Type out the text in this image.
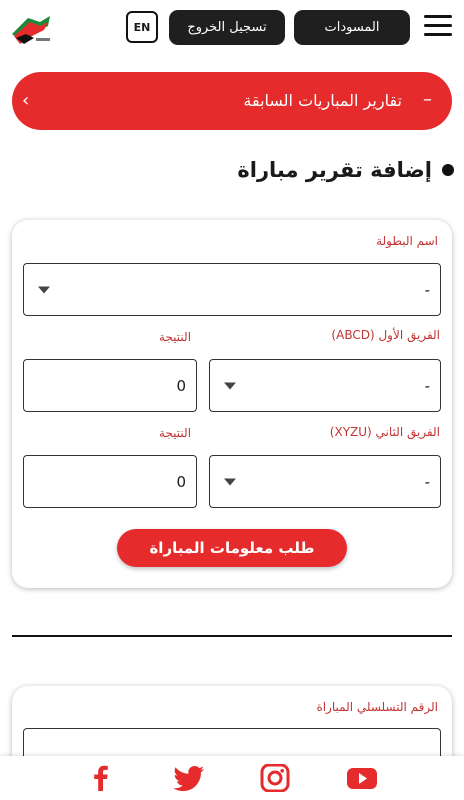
EN	تسجيل الخروج	المسودات
–
تقارير المباريات السابقة
‹
إضافة تقرير مباراة
اسم البطولة
-
الفريق الأول (ABCD)
النتيجة
-
0
الفريق الثاني (XYZU)
النتيجة
-
0
طلب معلومات المباراة
الرقم التسلسلي المباراة
